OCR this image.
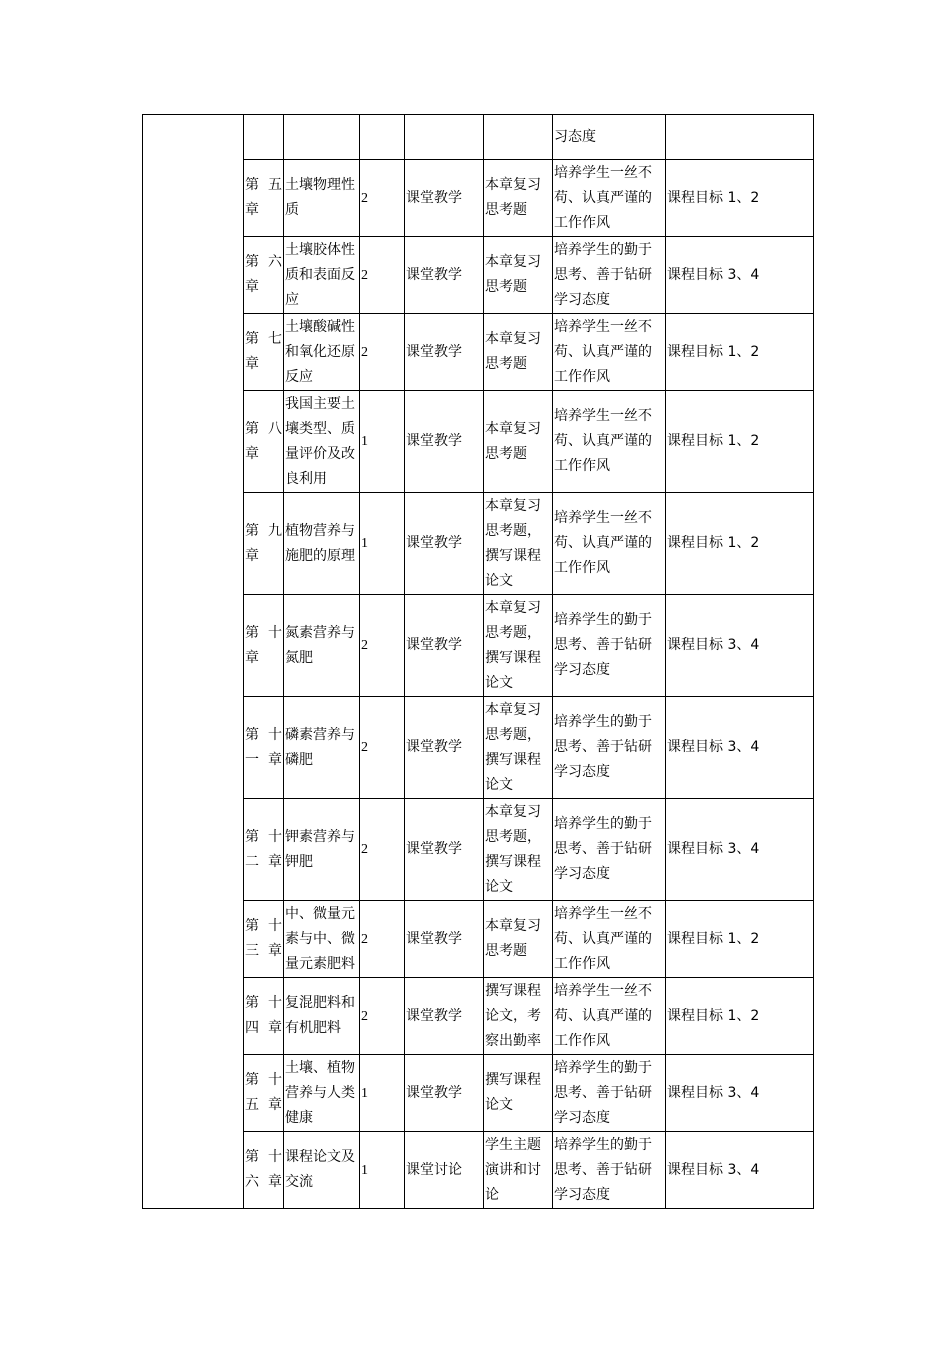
						习态度	
	第 五章	土壤物理性质	2	课堂教学	本章复习思考题	培养学生一丝不苟、认真严谨的工作作风	课程目标 1、2
	第 六章	土壤胶体性质和表面反应	2	课堂教学	本章复习思考题	培养学生的勤于思考、善于钻研学习态度	课程目标 3、4
	第 七章	土壤酸碱性和氧化还原反应	2	课堂教学	本章复习思考题	培养学生一丝不苟、认真严谨的工作作风	课程目标 1、2
	第 八章	我国主要土壤类型、质量评价及改良利用	1	课堂教学	本章复习思考题	培养学生一丝不苟、认真严谨的工作作风	课程目标 1、2
	第 九章	植物营养与施肥的原理	1	课堂教学	本章复习思考题，撰写课程论文	培养学生一丝不苟、认真严谨的工作作风	课程目标 1、2
	第 十章	氮素营养与氮肥	2	课堂教学	本章复习思考题，撰写课程论文	培养学生的勤于思考、善于钻研学习态度	课程目标 3、4
	第 十一章	磷素营养与磷肥	2	课堂教学	本章复习思考题，撰写课程论文	培养学生的勤于思考、善于钻研学习态度	课程目标 3、4
	第 十二章	钾素营养与钾肥	2	课堂教学	本章复习思考题，撰写课程论文	培养学生的勤于思考、善于钻研学习态度	课程目标 3、4
	第 十三章	中、微量元素与中、微量元素肥料	2	课堂教学	本章复习思考题	培养学生一丝不苟、认真严谨的工作作风	课程目标 1、2
	第 十四章	复混肥料和有机肥料	2	课堂教学	撰写课程论文，考察出勤率	培养学生一丝不苟、认真严谨的工作作风	课程目标 1、2
	第 十五章	土壤、植物营养与人类健康	1	课堂教学	撰写课程论文	培养学生的勤于思考、善于钻研学习态度	课程目标 3、4
	第 十六章	课程论文及交流	1	课堂讨论	学生主题演讲和讨论	培养学生的勤于思考、善于钻研学习态度	课程目标 3、4
